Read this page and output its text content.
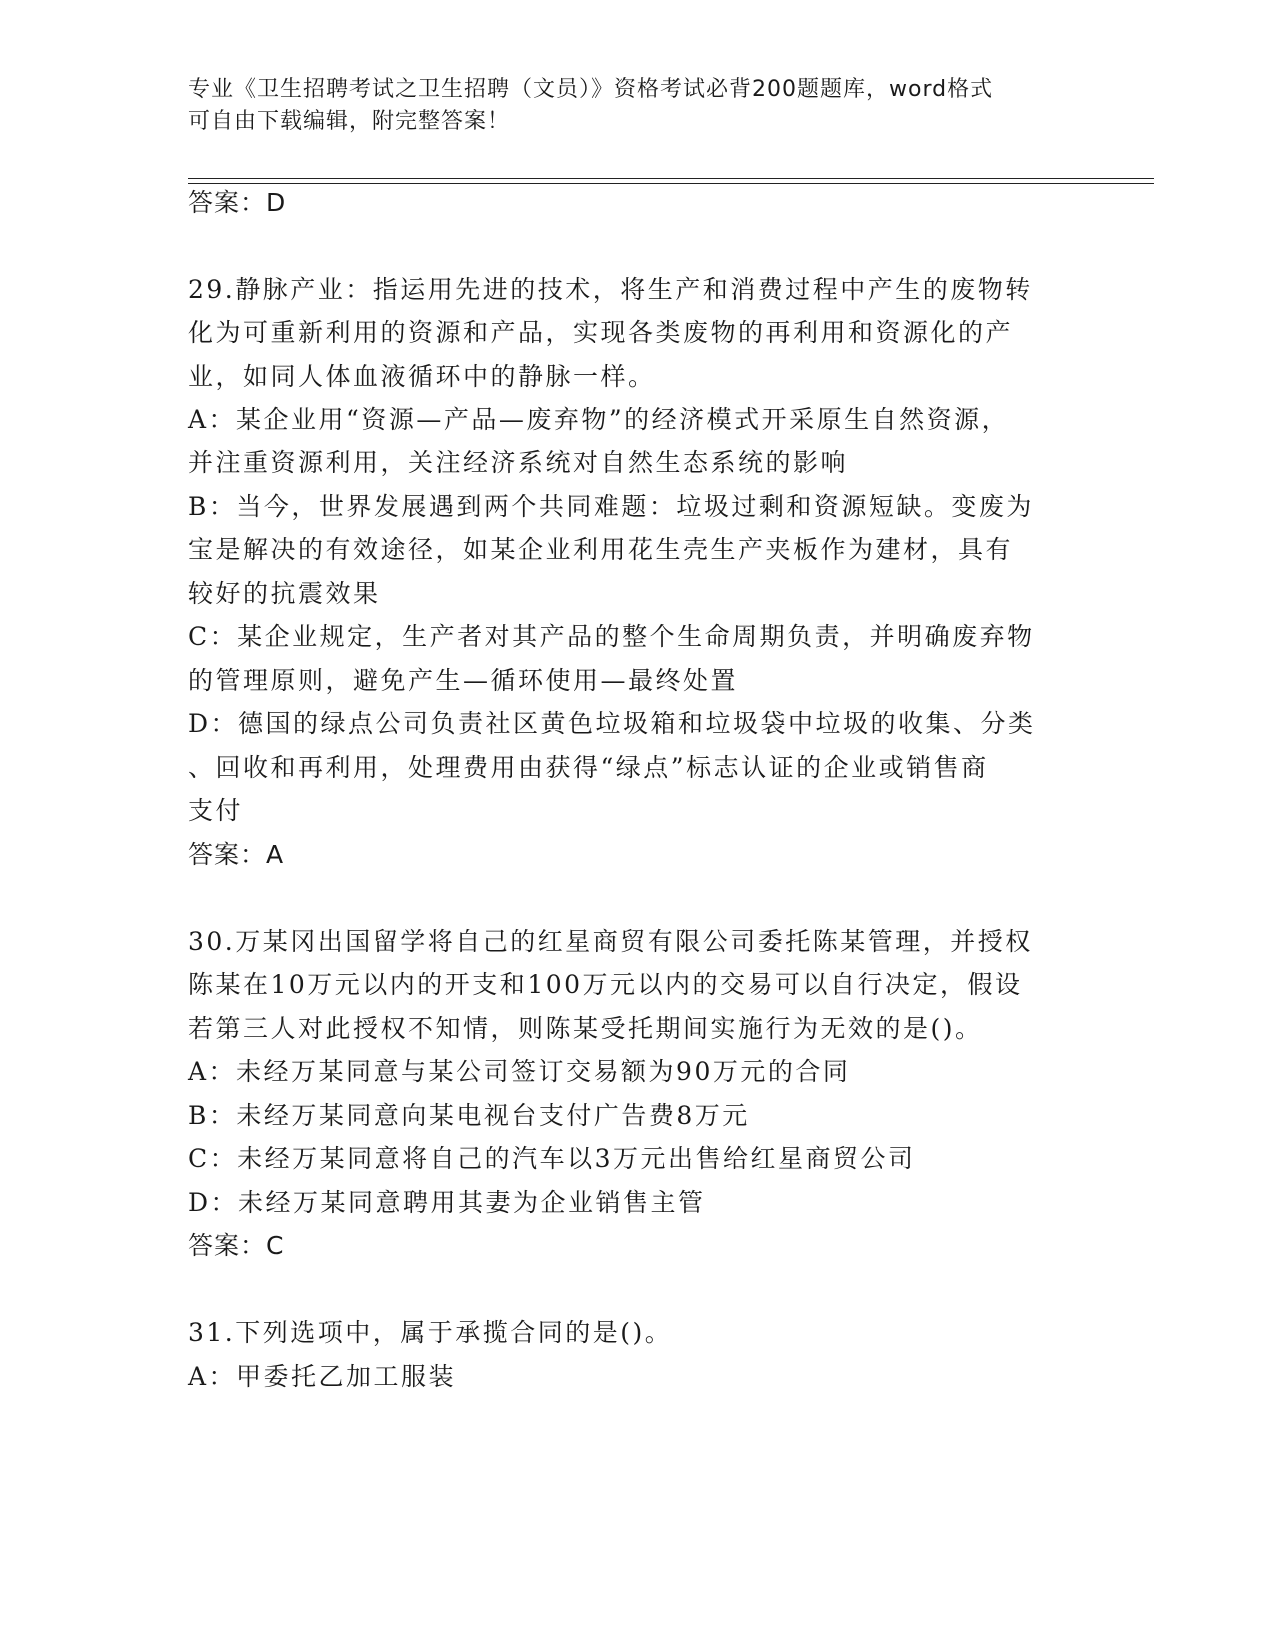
专业《卫生招聘考试之卫生招聘（文员）》资格考试必背200题题库，word格式
可自由下载编辑，附完整答案！
答案：D
29.静脉产业：指运用先进的技术，将生产和消费过程中产生的废物转
化为可重新利用的资源和产品，实现各类废物的再利用和资源化的产
业，如同人体血液循环中的静脉一样。
A：某企业用“资源—产品—废弃物”的经济模式开采原生自然资源，
并注重资源利用，关注经济系统对自然生态系统的影响
B：当今，世界发展遇到两个共同难题：垃圾过剩和资源短缺。变废为
宝是解决的有效途径，如某企业利用花生壳生产夹板作为建材，具有
较好的抗震效果
C：某企业规定，生产者对其产品的整个生命周期负责，并明确废弃物
的管理原则，避免产生—循环使用—最终处置
D：德国的绿点公司负责社区黄色垃圾箱和垃圾袋中垃圾的收集、分类
、回收和再利用，处理费用由获得“绿点”标志认证的企业或销售商
支付
答案：A
30.万某冈出国留学将自己的红星商贸有限公司委托陈某管理，并授权
陈某在10万元以内的开支和100万元以内的交易可以自行决定，假设
若第三人对此授权不知情，则陈某受托期间实施行为无效的是()。
A：未经万某同意与某公司签订交易额为90万元的合同
B：未经万某同意向某电视台支付广告费8万元
C：未经万某同意将自己的汽车以3万元出售给红星商贸公司
D：未经万某同意聘用其妻为企业销售主管
答案：C
31.下列选项中，属于承揽合同的是()。
A：甲委托乙加工服装
